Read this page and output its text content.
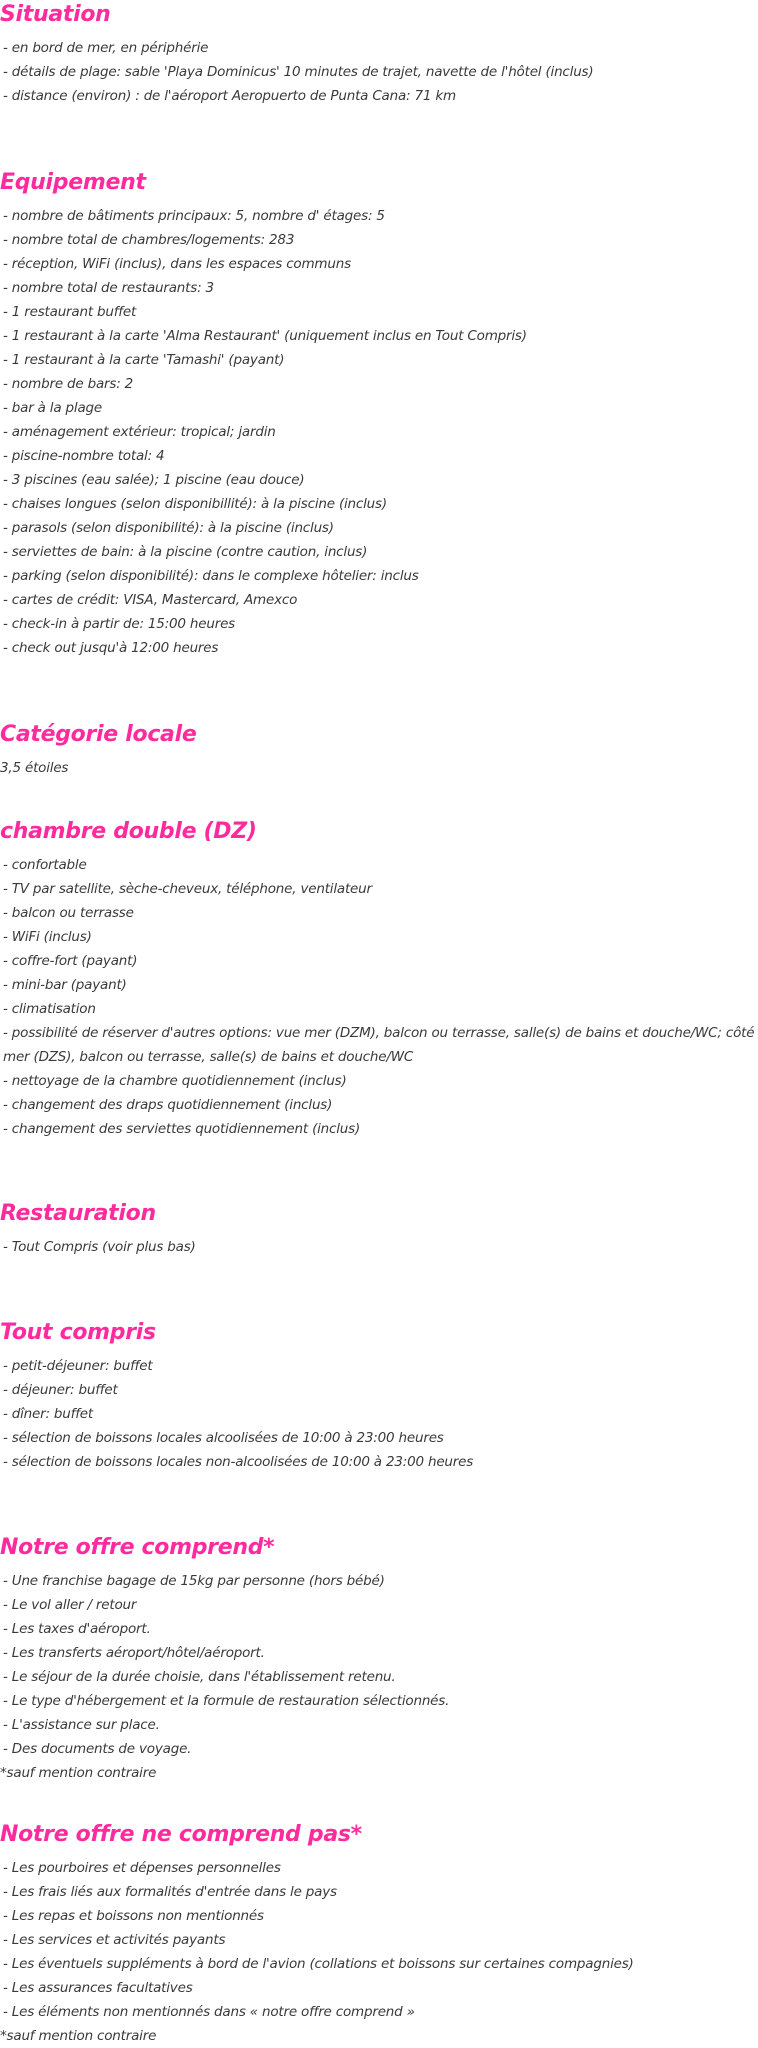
Situation

- en bord de mer, en périphérie

- détails de plage: sable 'Playa Dominicus' 10 minutes de trajet, navette de l'hôtel (inclus)

- distance (environ) : de l'aéroport Aeropuerto de Punta Cana: 71 km

Equipement

- nombre de bâtiments principaux: 5, nombre d' étages: 5

- nombre total de chambres/logements: 283

- réception, WiFi (inclus), dans les espaces communs

- nombre total de restaurants: 3

- 1 restaurant buffet

- 1 restaurant à la carte 'Alma Restaurant' (uniquement inclus en Tout Compris)

- 1 restaurant à la carte 'Tamashi' (payant)

- nombre de bars: 2

- bar à la plage

- aménagement extérieur: tropical; jardin

- piscine-nombre total: 4

- 3 piscines (eau salée); 1 piscine (eau douce)

- chaises longues (selon disponibillité): à la piscine (inclus)

- parasols (selon disponibilité): à la piscine (inclus)

- serviettes de bain: à la piscine (contre caution, inclus)

- parking (selon disponibilité): dans le complexe hôtelier: inclus

- cartes de crédit: VISA, Mastercard, Amexco

- check-in à partir de: 15:00 heures

- check out jusqu'à 12:00 heures

Catégorie locale

3,5 étoiles

chambre double (DZ)

- confortable

- TV par satellite, sèche-cheveux, téléphone, ventilateur

- balcon ou terrasse

- WiFi (inclus)

- coffre-fort (payant)

- mini-bar (payant)

- climatisation

- possibilité de réserver d'autres options: vue mer (DZM), balcon ou terrasse, salle(s) de bains et douche/WC; côté mer (DZS), balcon ou terrasse, salle(s) de bains et douche/WC

- nettoyage de la chambre quotidiennement (inclus)

- changement des draps quotidiennement (inclus)

- changement des serviettes quotidiennement (inclus)

Restauration

- Tout Compris (voir plus bas)

Tout compris

- petit-déjeuner: buffet

- déjeuner: buffet

- dîner: buffet

- sélection de boissons locales alcoolisées de 10:00 à 23:00 heures

- sélection de boissons locales non-alcoolisées de 10:00 à 23:00 heures

Notre offre comprend*

- Une franchise bagage de 15kg par personne (hors bébé)

- Le vol aller / retour

- Les taxes d'aéroport.

- Les transferts aéroport/hôtel/aéroport.

- Le séjour de la durée choisie, dans l'établissement retenu.

- Le type d'hébergement et la formule de restauration sélectionnés.

- L'assistance sur place.

- Des documents de voyage.

*sauf mention contraire

Notre offre ne comprend pas*

- Les pourboires et dépenses personnelles

- Les frais liés aux formalités d'entrée dans le pays

- Les repas et boissons non mentionnés

- Les services et activités payants

- Les éventuels suppléments à bord de l'avion (collations et boissons sur certaines compagnies)

- Les assurances facultatives

- Les éléments non mentionnés dans « notre offre comprend »

*sauf mention contraire
